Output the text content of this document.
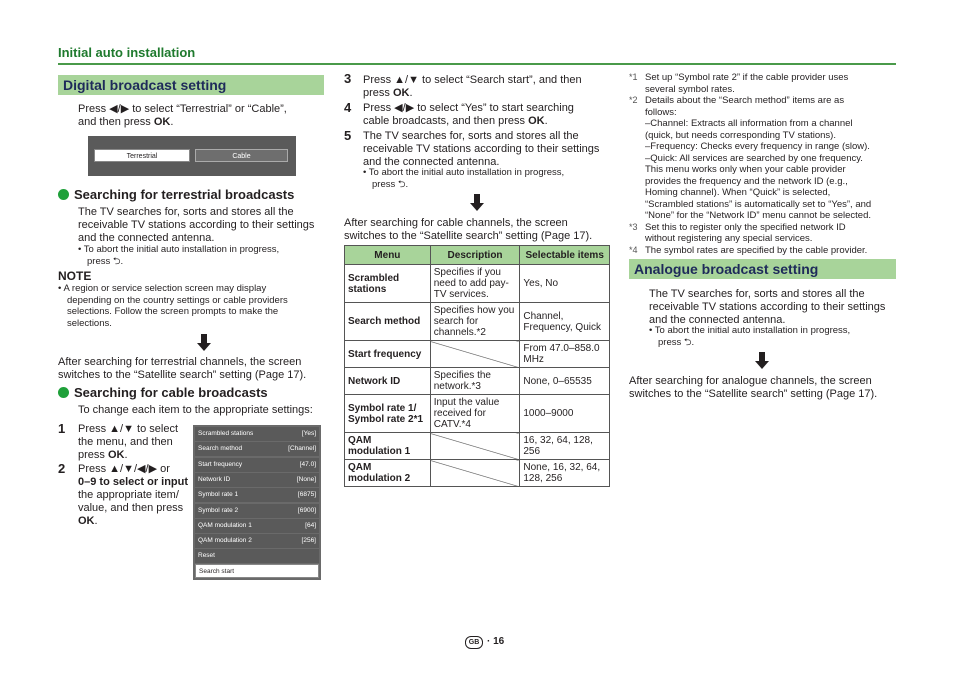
Initial auto installation
Digital broadcast setting
Press ◀/▶ to select “Terrestrial” or “Cable”,
and then press OK.
Terrestrial	Cable
Searching for terrestrial broadcasts
The TV searches for, sorts and stores all the
receivable TV stations according to their settings
and the connected antenna.
• To abort the initial auto installation in progress,
press ⮌.
NOTE
• A region or service selection screen may display
depending on the country settings or cable providers
selections. Follow the screen prompts to make the
selections.
After searching for terrestrial channels, the screen
switches to the “Satellite search” setting (Page 17).
Searching for cable broadcasts
To change each item to the appropriate settings:
1 Press ▲/▼ to select
the menu, and then
press OK.
2 Press ▲/▼/◀/▶ or
0–9 to select or input
the appropriate item/
value, and then press
OK.
Scrambled stations	[Yes]
Search method	[Channel]
Start frequency	[47.0]
Network ID	[None]
Symbol rate 1	[6875]
Symbol rate 2	[6900]
QAM modulation 1	[64]
QAM modulation 2	[256]
Reset
Search start
3 Press ▲/▼ to select “Search start”, and then
press OK.
4 Press ◀/▶ to select “Yes” to start searching
cable broadcasts, and then press OK.
5 The TV searches for, sorts and stores all the
receivable TV stations according to their settings
and the connected antenna.
• To abort the initial auto installation in progress,
press ⮌.
After searching for cable channels, the screen
switches to the “Satellite search” setting (Page 17).
Menu	Description	Selectable items
Scrambled stations	Specifies if you need to add pay-TV services.	Yes, No
Search method	Specifies how you search for channels.*2	Channel, Frequency, Quick
Start frequency		From 47.0–858.0 MHz
Network ID	Specifies the network.*3	None, 0–65535
Symbol rate 1/ Symbol rate 2*1	Input the value received for CATV.*4	1000–9000
QAM modulation 1		16, 32, 64, 128, 256
QAM modulation 2		None, 16, 32, 64, 128, 256
*1 Set up “Symbol rate 2” if the cable provider uses
several symbol rates.
*2 Details about the “Search method” items are as
follows:
–Channel: Extracts all information from a channel
(quick, but needs corresponding TV stations).
–Frequency: Checks every frequency in range (slow).
–Quick: All services are searched by one frequency.
This menu works only when your cable provider
provides the frequency and the network ID (e.g.,
Homing channel). When “Quick” is selected,
“Scrambled stations” is automatically set to “Yes”, and
“None” for the “Network ID” menu cannot be selected.
*3 Set this to register only the specified network ID
without registering any special services.
*4 The symbol rates are specified by the cable provider.
Analogue broadcast setting
The TV searches for, sorts and stores all the
receivable TV stations according to their settings
and the connected antenna.
• To abort the initial auto installation in progress,
press ⮌.
After searching for analogue channels, the screen
switches to the “Satellite search” setting (Page 17).
GB · 16
